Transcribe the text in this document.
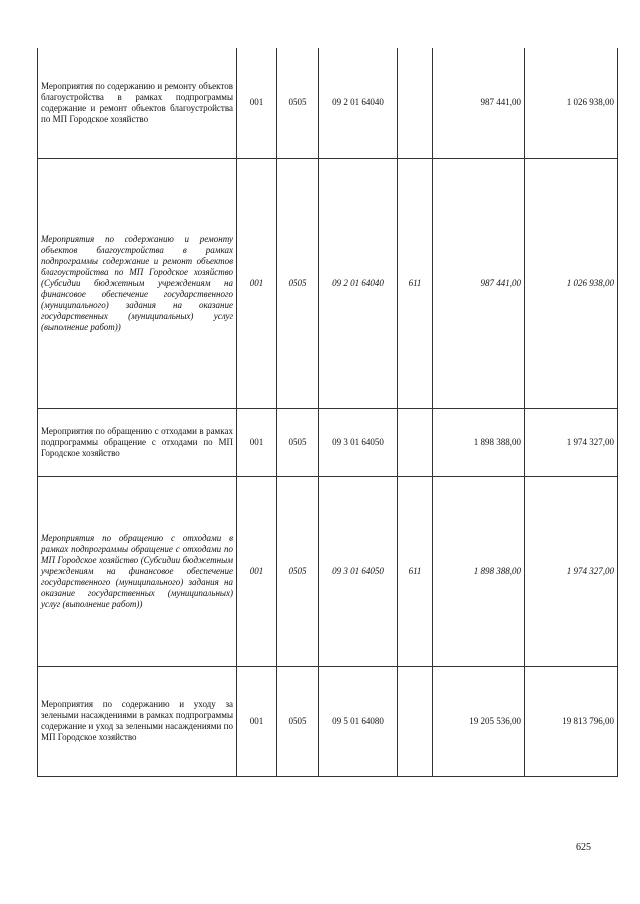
Мероприятия по содержанию и ремонту объектов благоустройства в рамках подпрограммы содержание и ремонт объектов благоустройства по МП Городское хозяйство	001	0505	09 2 01 64040		987 441,00	1 026 938,00
Мероприятия по содержанию и ремонту объектов благоустройства в рамках подпрограммы содержание и ремонт объектов благоустройства по МП Городское хозяйство (Субсидии бюджетным учреждениям на финансовое обеспечение государственного (муниципального) задания на оказание государственных (муниципальных) услуг (выполнение работ))	001	0505	09 2 01 64040	611	987 441,00	1 026 938,00
Мероприятия по обращению с отходами в рамках подпрограммы обращение с отходами по МП Городское хозяйство	001	0505	09 3 01 64050		1 898 388,00	1 974 327,00
Мероприятия по обращению с отходами в рамках подпрограммы обращение с отходами по МП Городское хозяйство (Субсидии бюджетным учреждениям на финансовое обеспечение государственного (муниципального) задания на оказание государственных (муниципальных) услуг (выполнение работ))	001	0505	09 3 01 64050	611	1 898 388,00	1 974 327,00
Мероприятия по содержанию и уходу за зелеными насаждениями в рамках подпрограммы содержание и уход за зелеными насаждениями по МП Городское хозяйство	001	0505	09 5 01 64080		19 205 536,00	19 813 796,00
625
